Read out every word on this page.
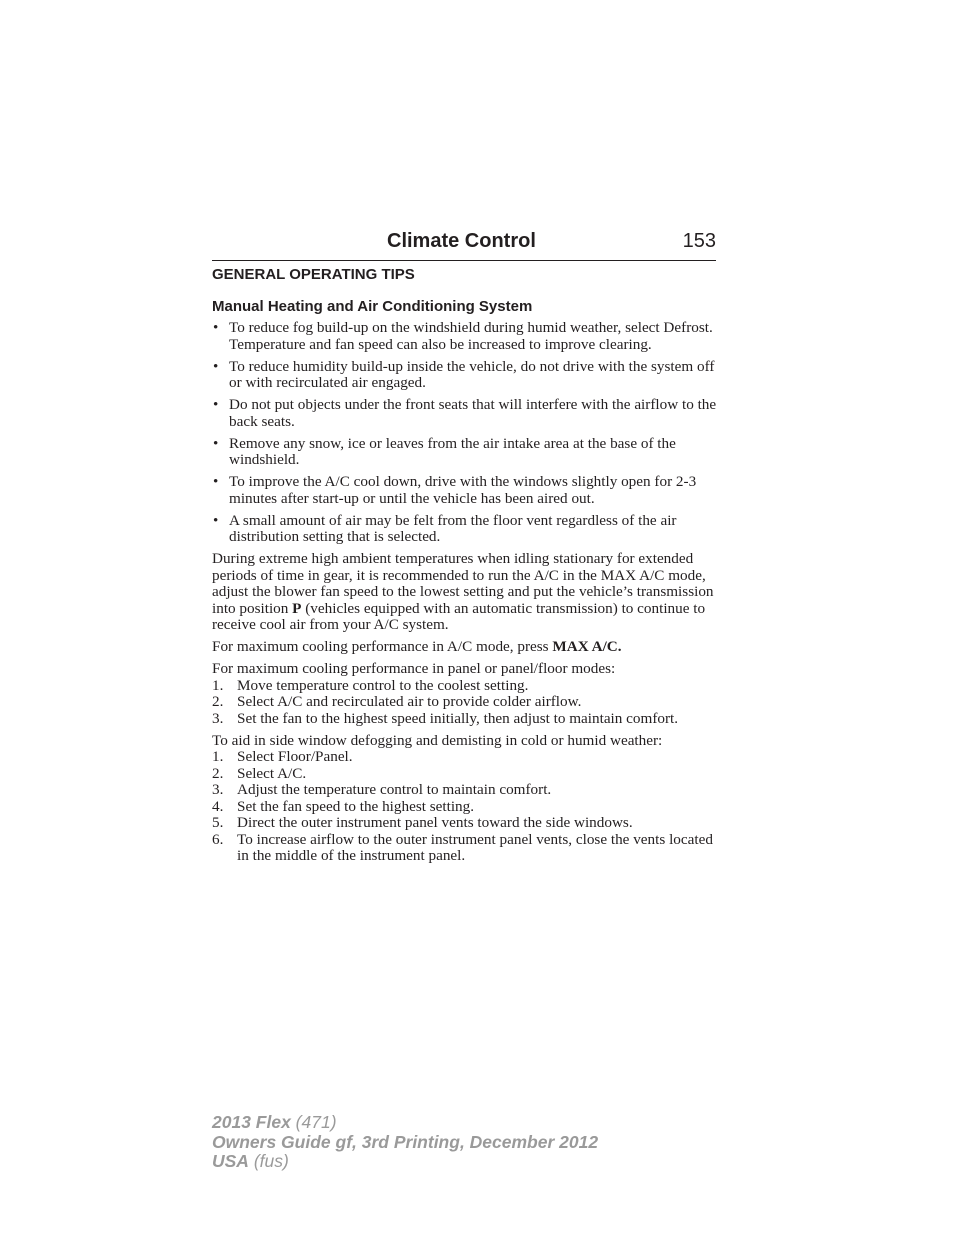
Climate Control	153
GENERAL OPERATING TIPS
Manual Heating and Air Conditioning System
• To reduce fog build-up on the windshield during humid weather, select Defrost. Temperature and fan speed can also be increased to improve clearing.
• To reduce humidity build-up inside the vehicle, do not drive with the system off or with recirculated air engaged.
• Do not put objects under the front seats that will interfere with the airflow to the back seats.
• Remove any snow, ice or leaves from the air intake area at the base of the windshield.
• To improve the A/C cool down, drive with the windows slightly open for 2-3 minutes after start-up or until the vehicle has been aired out.
• A small amount of air may be felt from the floor vent regardless of the air distribution setting that is selected.

During extreme high ambient temperatures when idling stationary for extended periods of time in gear, it is recommended to run the A/C in the MAX A/C mode, adjust the blower fan speed to the lowest setting and put the vehicle’s transmission into position P (vehicles equipped with an automatic transmission) to continue to receive cool air from your A/C system.

For maximum cooling performance in A/C mode, press MAX A/C.

For maximum cooling performance in panel or panel/floor modes:
1. Move temperature control to the coolest setting.
2. Select A/C and recirculated air to provide colder airflow.
3. Set the fan to the highest speed initially, then adjust to maintain comfort.
To aid in side window defogging and demisting in cold or humid weather:
1. Select Floor/Panel.
2. Select A/C.
3. Adjust the temperature control to maintain comfort.
4. Set the fan speed to the highest setting.
5. Direct the outer instrument panel vents toward the side windows.
6. To increase airflow to the outer instrument panel vents, close the vents located in the middle of the instrument panel.
2013 Flex (471)
Owners Guide gf, 3rd Printing, December 2012
USA (fus)
